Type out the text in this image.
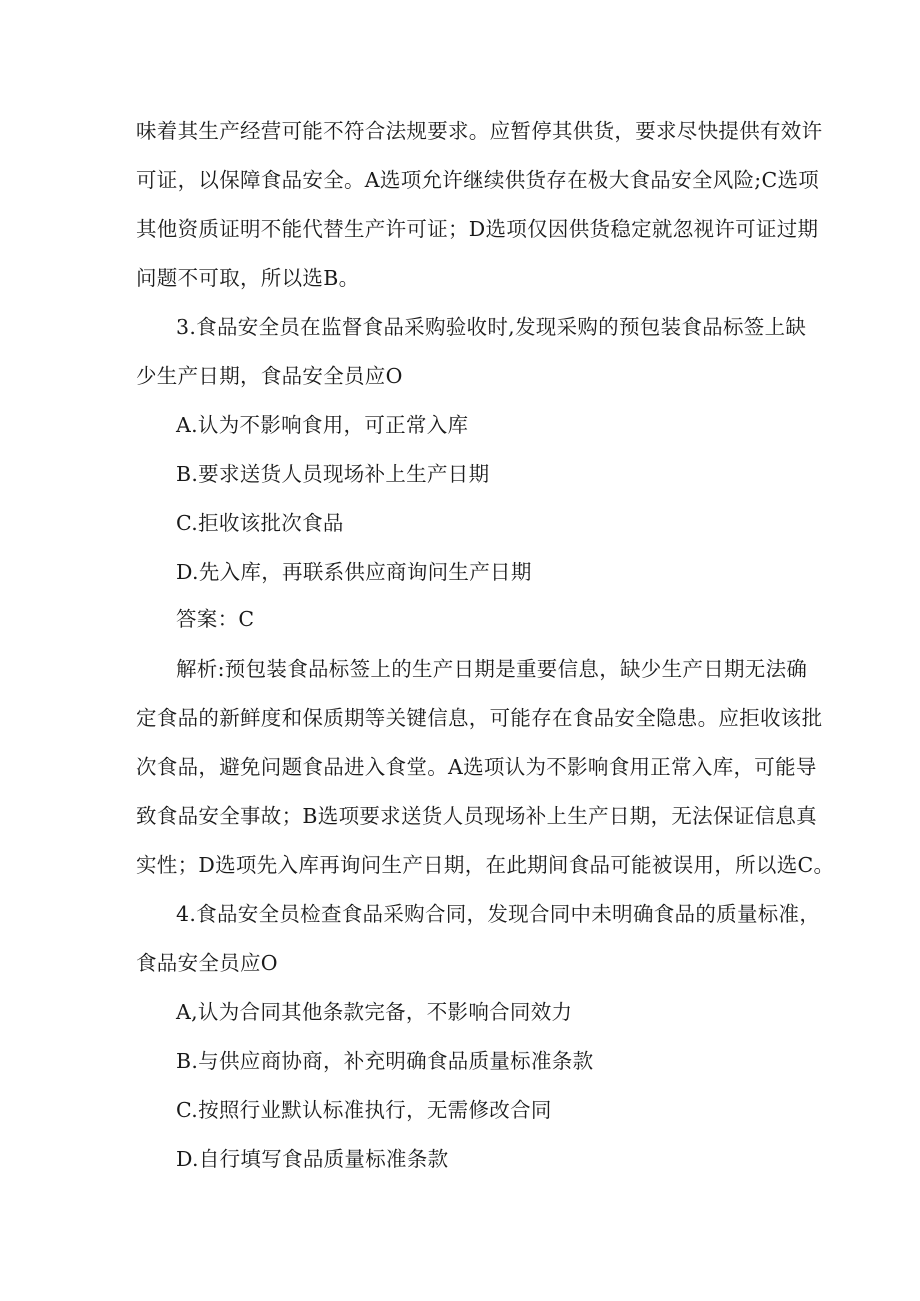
味着其生产经营可能不符合法规要求。应暂停其供货，要求尽快提供有效许
可证，以保障食品安全。A选项允许继续供货存在极大食品安全风险;C选项
其他资质证明不能代替生产许可证；D选项仅因供货稳定就忽视许可证过期
问题不可取，所以选B。
3.食品安全员在监督食品采购验收时,发现采购的预包装食品标签上缺
少生产日期，食品安全员应O
A.认为不影响食用，可正常入库
B.要求送货人员现场补上生产日期
C.拒收该批次食品
D.先入库，再联系供应商询问生产日期
答案：C
解析:预包装食品标签上的生产日期是重要信息，缺少生产日期无法确
定食品的新鲜度和保质期等关键信息，可能存在食品安全隐患。应拒收该批
次食品，避免问题食品进入食堂。A选项认为不影响食用正常入库，可能导
致食品安全事故；B选项要求送货人员现场补上生产日期，无法保证信息真
实性；D选项先入库再询问生产日期，在此期间食品可能被误用，所以选C。
4.食品安全员检查食品采购合同，发现合同中未明确食品的质量标准，
食品安全员应O
A,认为合同其他条款完备，不影响合同效力
B.与供应商协商，补充明确食品质量标准条款
C.按照行业默认标准执行，无需修改合同
D.自行填写食品质量标准条款
